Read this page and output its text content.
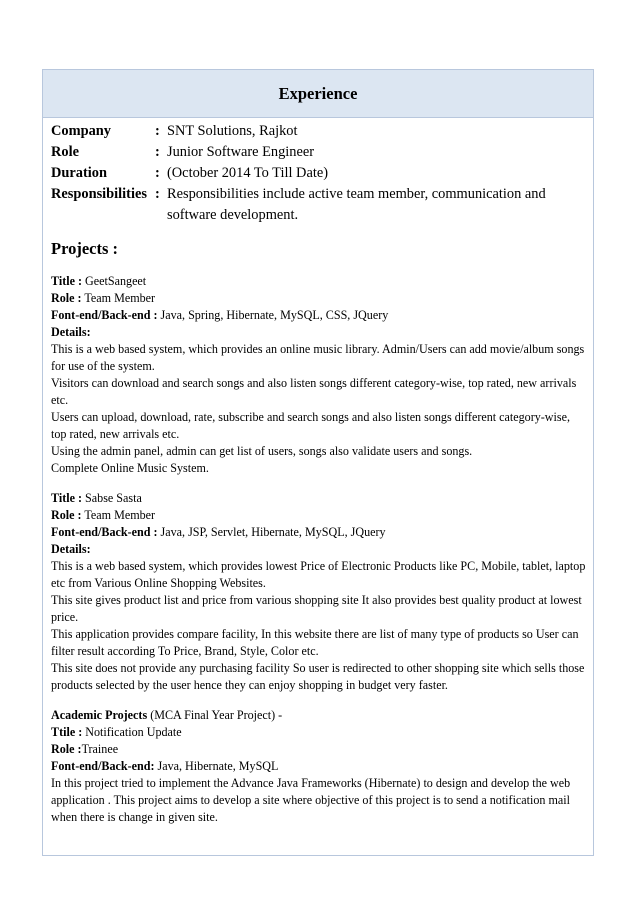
Experience
Company	: SNT Solutions, Rajkot
Role	: Junior Software Engineer
Duration	: (October 2014 To Till Date)
Responsibilities : Responsibilities include active team member, communication and software development.
Projects :

Title : GeetSangeet

Role : Team Member

Font-end/Back-end : Java, Spring, Hibernate, MySQL, CSS, JQuery

Details:

This is a web based system, which provides an online music library. Admin/Users can add movie/album songs for use of the system.

Visitors can download and search songs and also listen songs different category-wise, top rated, new arrivals etc.

Users can upload, download, rate, subscribe and search songs and also listen songs different category-wise, top rated, new arrivals etc.

Using the admin panel, admin can get list of users, songs also validate users and songs.

Complete Online Music System.

Title : Sabse Sasta

Role : Team Member

Font-end/Back-end : Java, JSP, Servlet, Hibernate, MySQL, JQuery

Details:

This is a web based system, which provides lowest Price of Electronic Products like PC, Mobile, tablet, laptop etc from Various Online Shopping Websites.

This site gives product list and price from various shopping site It also provides best quality product at lowest price.

This application provides compare facility, In this website there are list of many type of products so User can filter result according To Price, Brand, Style, Color etc.

This site does not provide any purchasing facility So user is redirected to other shopping site which sells those products selected by the user hence they can enjoy shopping in budget very faster.

Academic Projects (MCA Final Year Project) -

Ttile : Notification Update

Role :Trainee

Font-end/Back-end: Java, Hibernate, MySQL

In this project tried to implement the Advance Java Frameworks (Hibernate) to design and develop the web application . This project aims to develop a site where objective of this project is to send a notification mail when there is change in given site.
